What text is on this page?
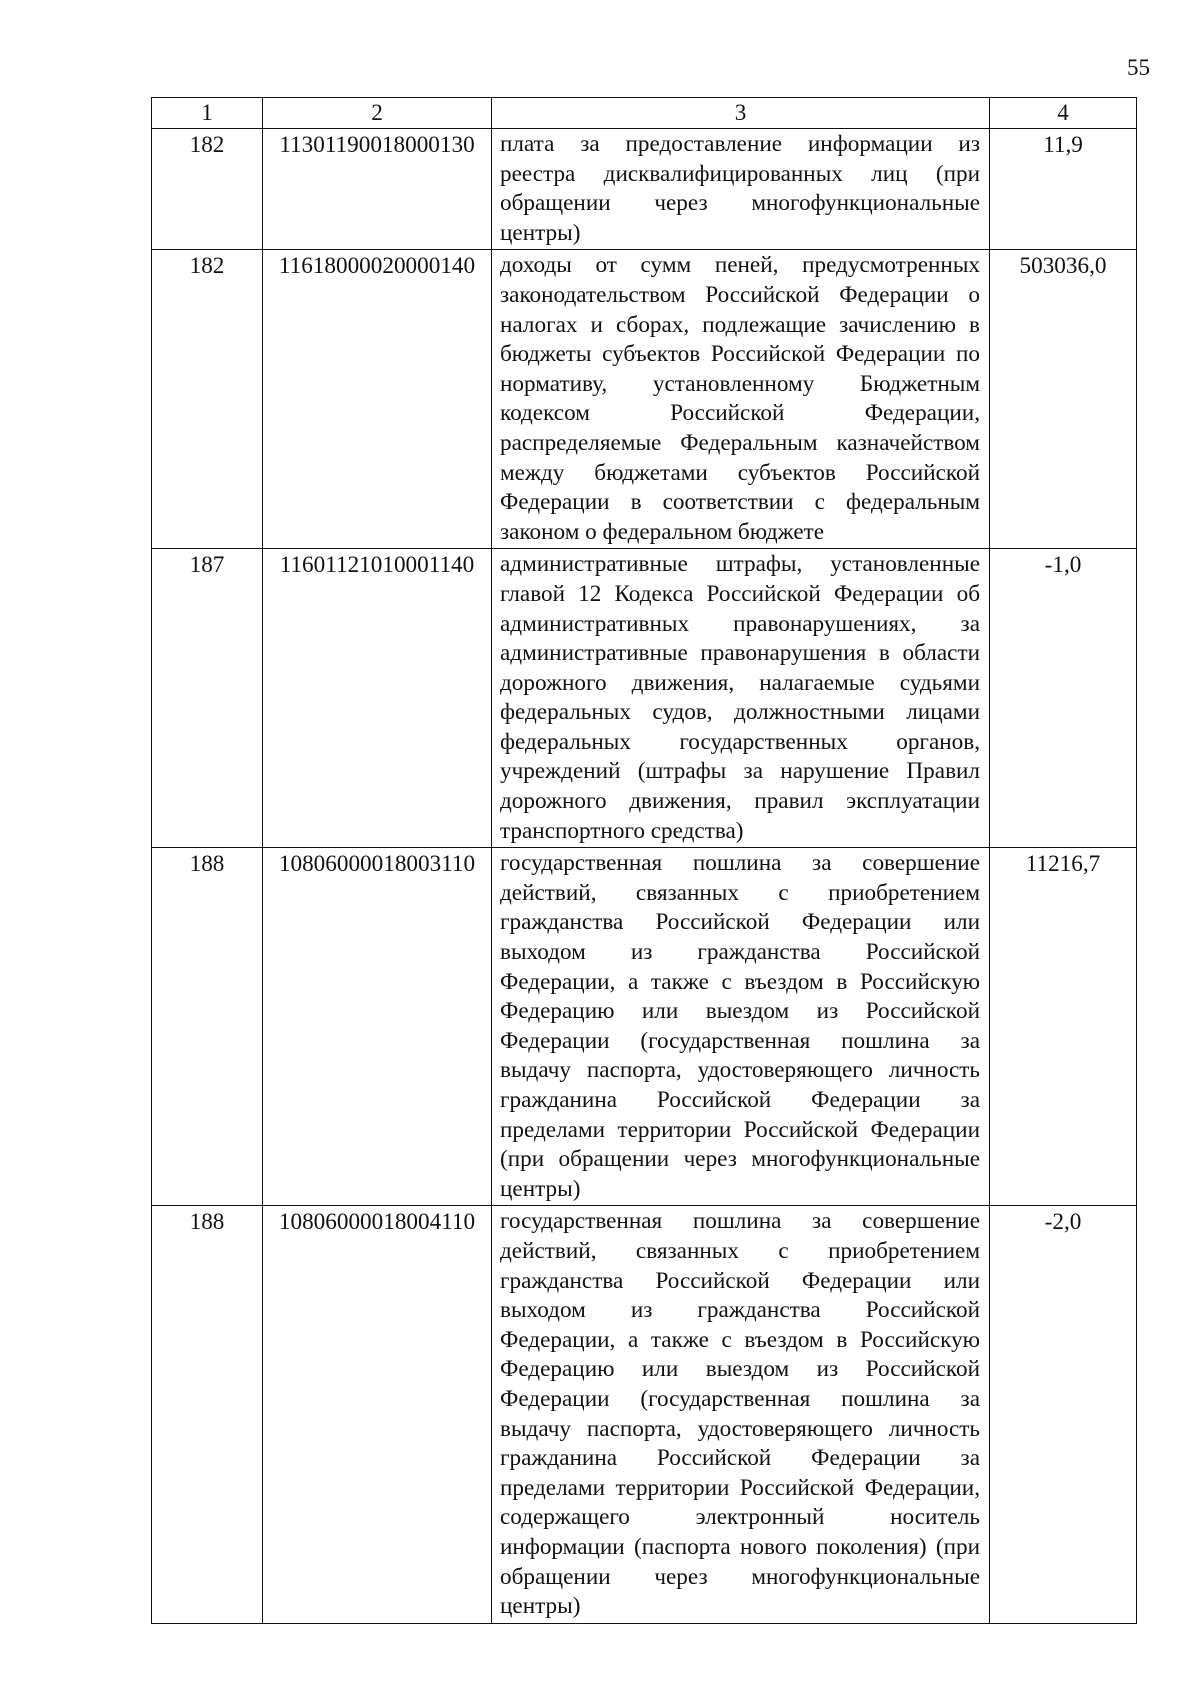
55
1	2	3	4
182	11301190018000130	плата за предоставление информации из реестра дисквалифицированных лиц (при обращении через многофункциональные центры)	11,9
182	11618000020000140	доходы от сумм пеней, предусмотренных законодательством Российской Федерации о налогах и сборах, подлежащие зачислению в бюджеты субъектов Российской Федерации по нормативу, установленному Бюджетным кодексом Российской Федерации, распределяемые Федеральным казначейством между бюджетами субъектов Российской Федерации в соответствии с федеральным законом о федеральном бюджете	503036,0
187	11601121010001140	административные штрафы, установленные главой 12 Кодекса Российской Федерации об административных правонарушениях, за административные правонарушения в области дорожного движения, налагаемые судьями федеральных судов, должностными лицами федеральных государственных органов, учреждений (штрафы за нарушение Правил дорожного движения, правил эксплуатации транспортного средства)	-1,0
188	10806000018003110	государственная пошлина за совершение действий, связанных с приобретением гражданства Российской Федерации или выходом из гражданства Российской Федерации, а также с въездом в Российскую Федерацию или выездом из Российской Федерации (государственная пошлина за выдачу паспорта, удостоверяющего личность гражданина Российской Федерации за пределами территории Российской Федерации (при обращении через многофункциональные центры)	11216,7
188	10806000018004110	государственная пошлина за совершение действий, связанных с приобретением гражданства Российской Федерации или выходом из гражданства Российской Федерации, а также с въездом в Российскую Федерацию или выездом из Российской Федерации (государственная пошлина за выдачу паспорта, удостоверяющего личность гражданина Российской Федерации за пределами территории Российской Федерации, содержащего электронный носитель информации (паспорта нового поколения) (при обращении через многофункциональные центры)	-2,0
